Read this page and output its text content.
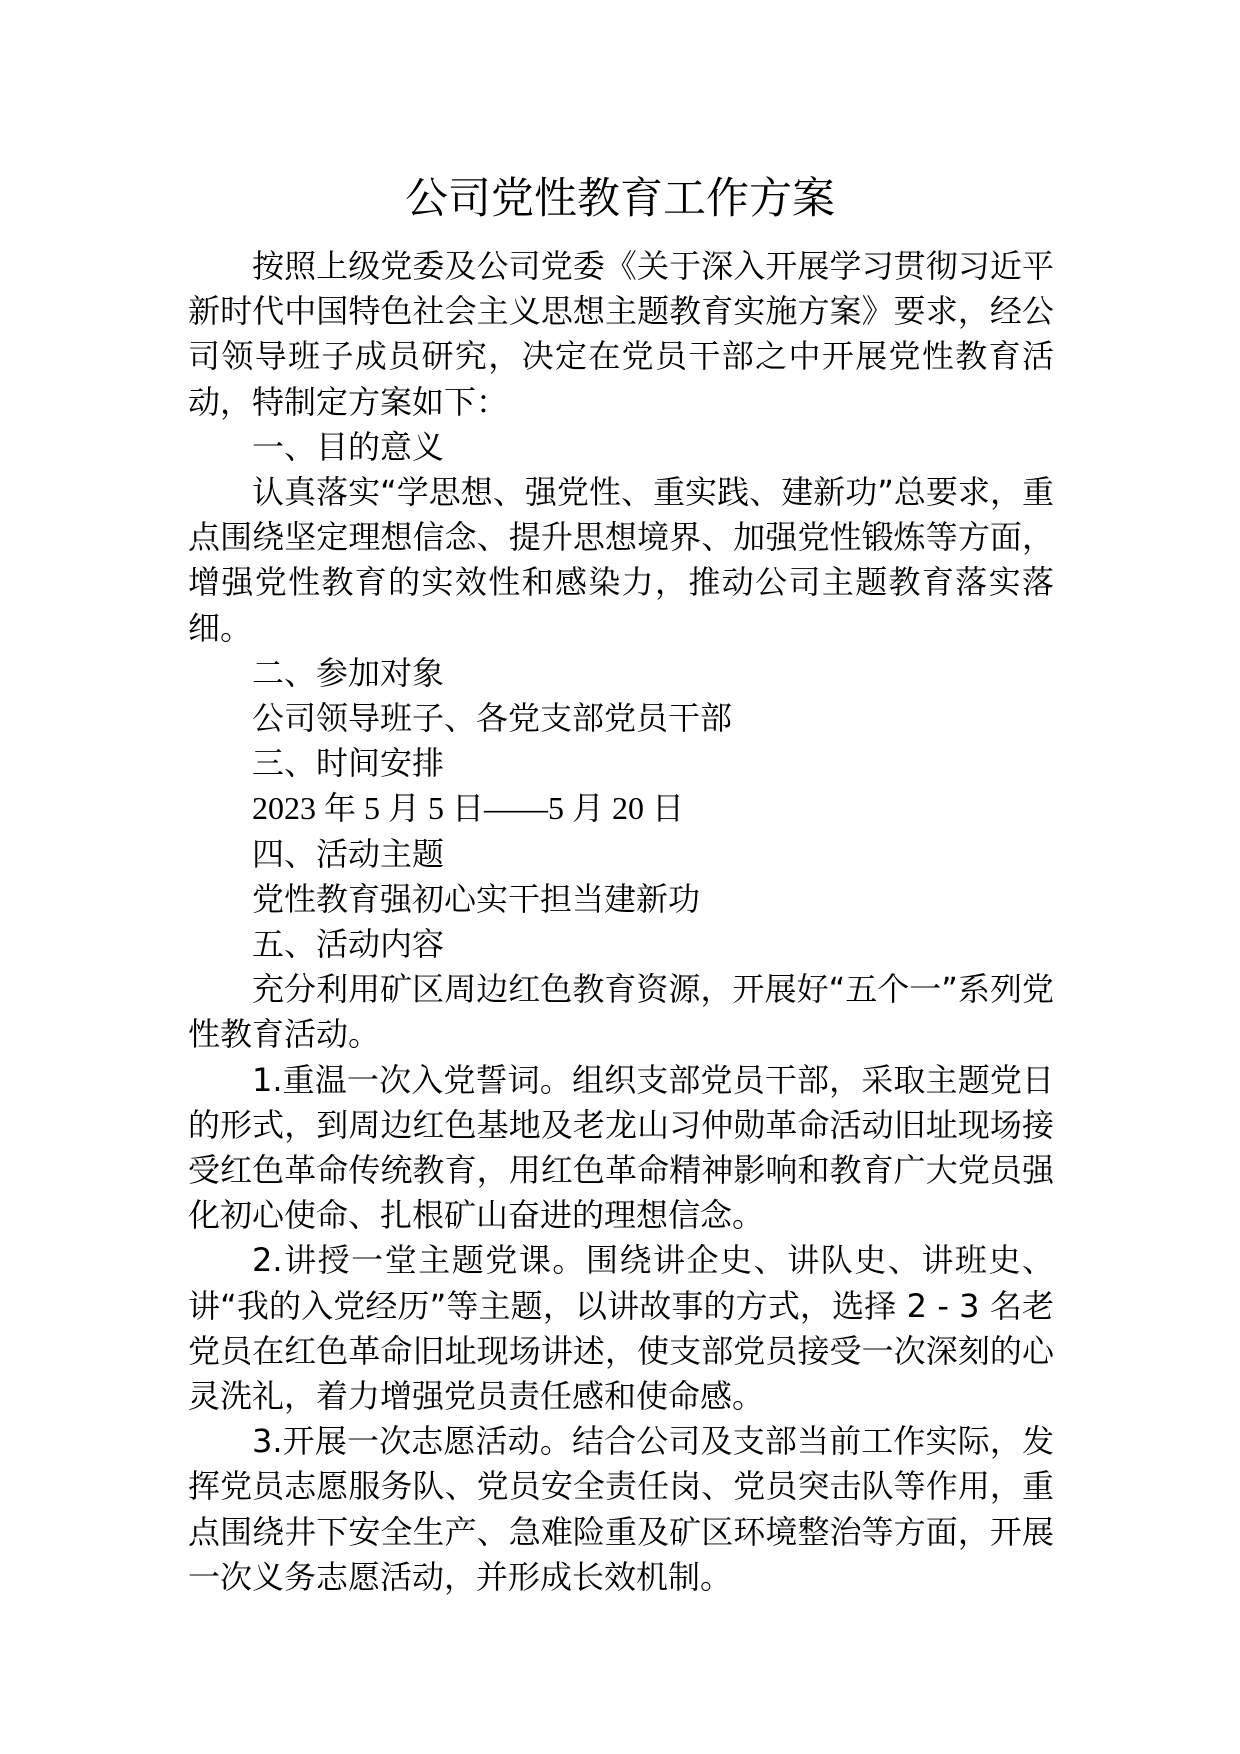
公司党性教育工作方案

按照上级党委及公司党委《关于深入开展学习贯彻习近平新时代中国特色社会主义思想主题教育实施方案》要求，经公司领导班子成员研究，决定在党员干部之中开展党性教育活动，特制定方案如下：

一、目的意义

认真落实“学思想、强党性、重实践、建新功”总要求，重点围绕坚定理想信念、提升思想境界、加强党性锻炼等方面，增强党性教育的实效性和感染力，推动公司主题教育落实落细。

二、参加对象

公司领导班子、各党支部党员干部

三、时间安排

2023 年 5 月 5 日——5 月 20 日

四、活动主题

党性教育强初心实干担当建新功

五、活动内容

充分利用矿区周边红色教育资源，开展好“五个一”系列党性教育活动。

1.重温一次入党誓词。组织支部党员干部，采取主题党日的形式，到周边红色基地及老龙山习仲勋革命活动旧址现场接受红色革命传统教育，用红色革命精神影响和教育广大党员强化初心使命、扎根矿山奋进的理想信念。

2.讲授一堂主题党课。围绕讲企史、讲队史、讲班史、讲“我的入党经历”等主题，以讲故事的方式，选择 2 - 3 名老党员在红色革命旧址现场讲述，使支部党员接受一次深刻的心灵洗礼，着力增强党员责任感和使命感。

3.开展一次志愿活动。结合公司及支部当前工作实际，发挥党员志愿服务队、党员安全责任岗、党员突击队等作用，重点围绕井下安全生产、急难险重及矿区环境整治等方面，开展一次义务志愿活动，并形成长效机制。
